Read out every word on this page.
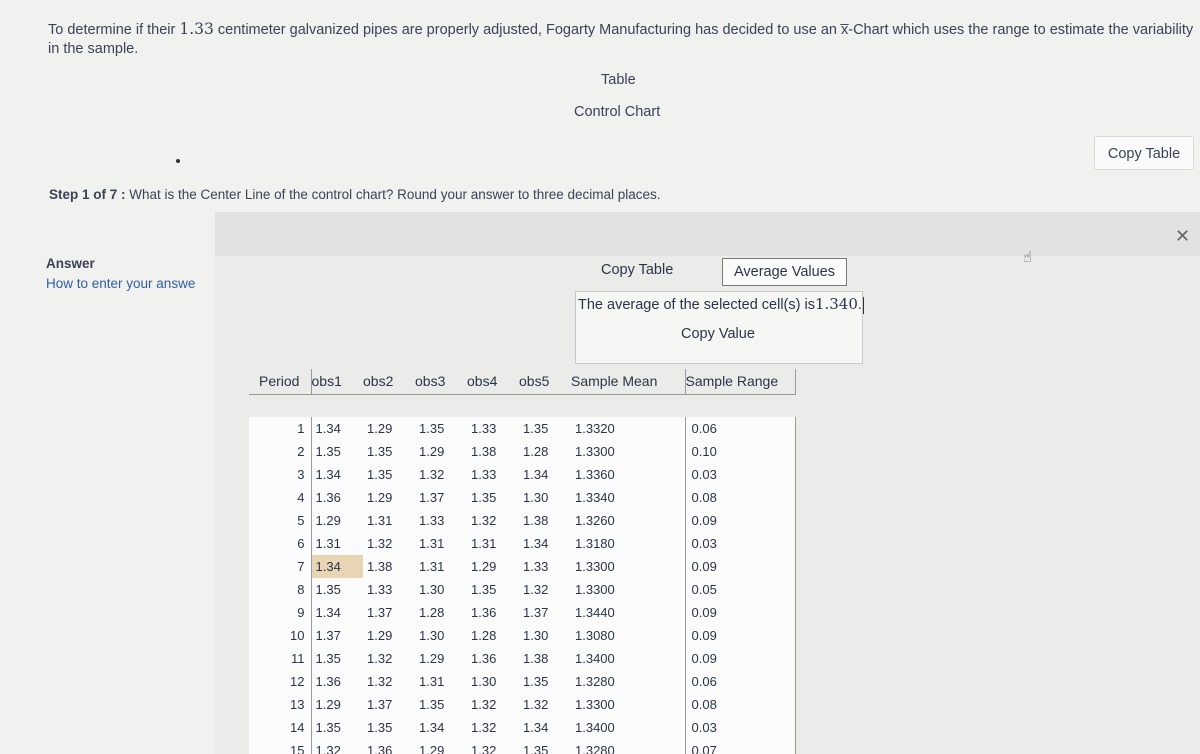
To determine if their 1.33 centimeter galvanized pipes are properly adjusted, Fogarty Manufacturing has decided to use an x̅-Chart which uses the range to estimate the variability in the sample.
Table
Control Chart
Copy Table
Step 1 of 7 : What is the Center Line of the control chart? Round your answer to three decimal places.
Answer
How to enter your answe
✕
☝
Copy Table	Average Values
The average of the selected cell(s) is1.340.
Copy Value
Period	obs1	obs2	obs3	obs4	obs5	Sample Mean	Sample Range

1	1.34	1.29	1.35	1.33	1.35	1.3320	0.06
2	1.35	1.35	1.29	1.38	1.28	1.3300	0.10
3	1.34	1.35	1.32	1.33	1.34	1.3360	0.03
4	1.36	1.29	1.37	1.35	1.30	1.3340	0.08
5	1.29	1.31	1.33	1.32	1.38	1.3260	0.09
6	1.31	1.32	1.31	1.31	1.34	1.3180	0.03
7	1.34	1.38	1.31	1.29	1.33	1.3300	0.09
8	1.35	1.33	1.30	1.35	1.32	1.3300	0.05
9	1.34	1.37	1.28	1.36	1.37	1.3440	0.09
10	1.37	1.29	1.30	1.28	1.30	1.3080	0.09
11	1.35	1.32	1.29	1.36	1.38	1.3400	0.09
12	1.36	1.32	1.31	1.30	1.35	1.3280	0.06
13	1.29	1.37	1.35	1.32	1.32	1.3300	0.08
14	1.35	1.35	1.34	1.32	1.34	1.3400	0.03
15	1.32	1.36	1.29	1.32	1.35	1.3280	0.07
